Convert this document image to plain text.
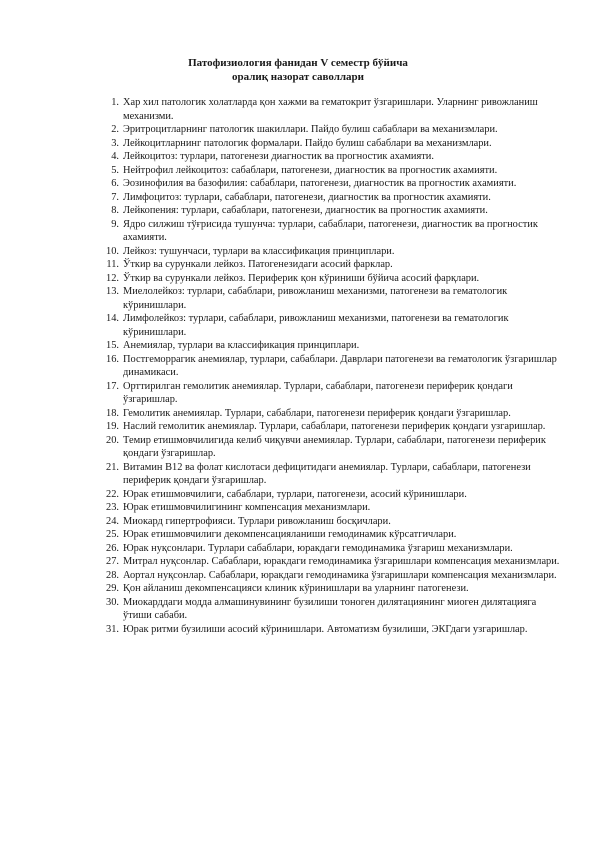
Патофизиология фанидан V семестр бўйича
оралиқ назорат саволлари
1. Хар хил патологик холатларда қон хажми ва гематокрит ўзгаришлари. Уларнинг ривожланиш механизми.
2. Эритроцитларнинг патологик шакиллари. Пайдо булиш сабаблари ва механизмлари.
3. Лейкоцитларнинг патологик формалари. Пайдо булиш сабаблари ва механизмлари.
4. Лейкоцитоз: турлари, патогенези диагностик ва прогностик ахамияти.
5. Нейтрофил лейкоцитоз: сабаблари, патогенези, диагностик ва прогностик ахамияти.
6. Эозинофилия ва базофилия: сабаблари, патогенези, диагностик ва прогностик ахамияти.
7. Лимфоцитоз: турлари, сабаблари, патогенези, диагностик ва прогностик ахамияти.
8. Лейкопения: турлари, сабаблари, патогенези, диагностик ва прогностик ахамияти.
9. Ядро силжиш тўғрисида тушунча: турлари, сабаблари, патогенези, диагностик ва прогностик ахамияти.
10. Лейкоз: тушунчаси, турлари ва классификация принциплари.
11. Ўткир ва сурункали лейкоз. Патогенезидаги асосий фарклар.
12. Ўткир ва сурункали лейкоз. Периферик қон кўриниши бўйича асосий фарқлари.
13. Миелолейкоз: турлари, сабаблари, ривожланиш механизми, патогенези ва гематологик кўринишлари.
14. Лимфолейкоз: турлари, сабаблари, ривожланиш механизми, патогенези ва гематологик кўринишлари.
15. Анемиялар, турлари ва классификация принциплари.
16. Постгеморрагик анемиялар, турлари, сабаблари. Даврлари патогенези ва гематологик ўзгаришлар динамикаси.
17. Орттирилган гемолитик анемиялар. Турлари, сабаблари, патогенези периферик қондаги ўзгаришлар.
18. Гемолитик анемиялар. Турлари, сабаблари, патогенези периферик қондаги ўзгаришлар.
19. Наслий гемолитик анемиялар. Турлари, сабаблари, патогенези периферик қондаги узгаришлар.
20. Темир етишмовчилигида келиб чиқувчи анемиялар. Турлари, сабаблари, патогенези периферик қондаги ўзгаришлар.
21. Витамин В12 ва фолат кислотаси дефицитидаги анемиялар. Турлари, сабаблари, патогенези периферик қондаги ўзгаришлар.
22. Юрак етишмовчилиги, сабаблари, турлари, патогенези, асосий кўринишлари.
23. Юрак етишмовчилигининг компенсация механизмлари.
24. Миокард гипертрофияси. Турлари ривожланиш босқичлари.
25. Юрак етишмовчилиги декомпенсацияланиши гемодинамик кўрсатгичлари.
26. Юрак нуқсонлари. Турлари сабаблари, юракдаги гемодинамика ўзгариш механизмлари.
27. Митрал нуқсонлар. Сабаблари, юракдаги гемодинамика ўзгаришлари компенсация механизмлари.
28. Аортал нуқсонлар. Сабаблари, юракдаги гемодинамика ўзгаришлари компенсация механизмлари.
29. Қон айланиш декомпенсацияси клиник кўринишлари ва уларнинг патогенези.
30. Миокарддаги моддa алмашинувининг бузилиши тоноген дилятациянинг миоген дилятацияга ўтиши сабаби.
31. Юрак ритми бузилиши асосий кўринишлари. Автоматизм бузилиши, ЭКГдаги узгаришлар.
